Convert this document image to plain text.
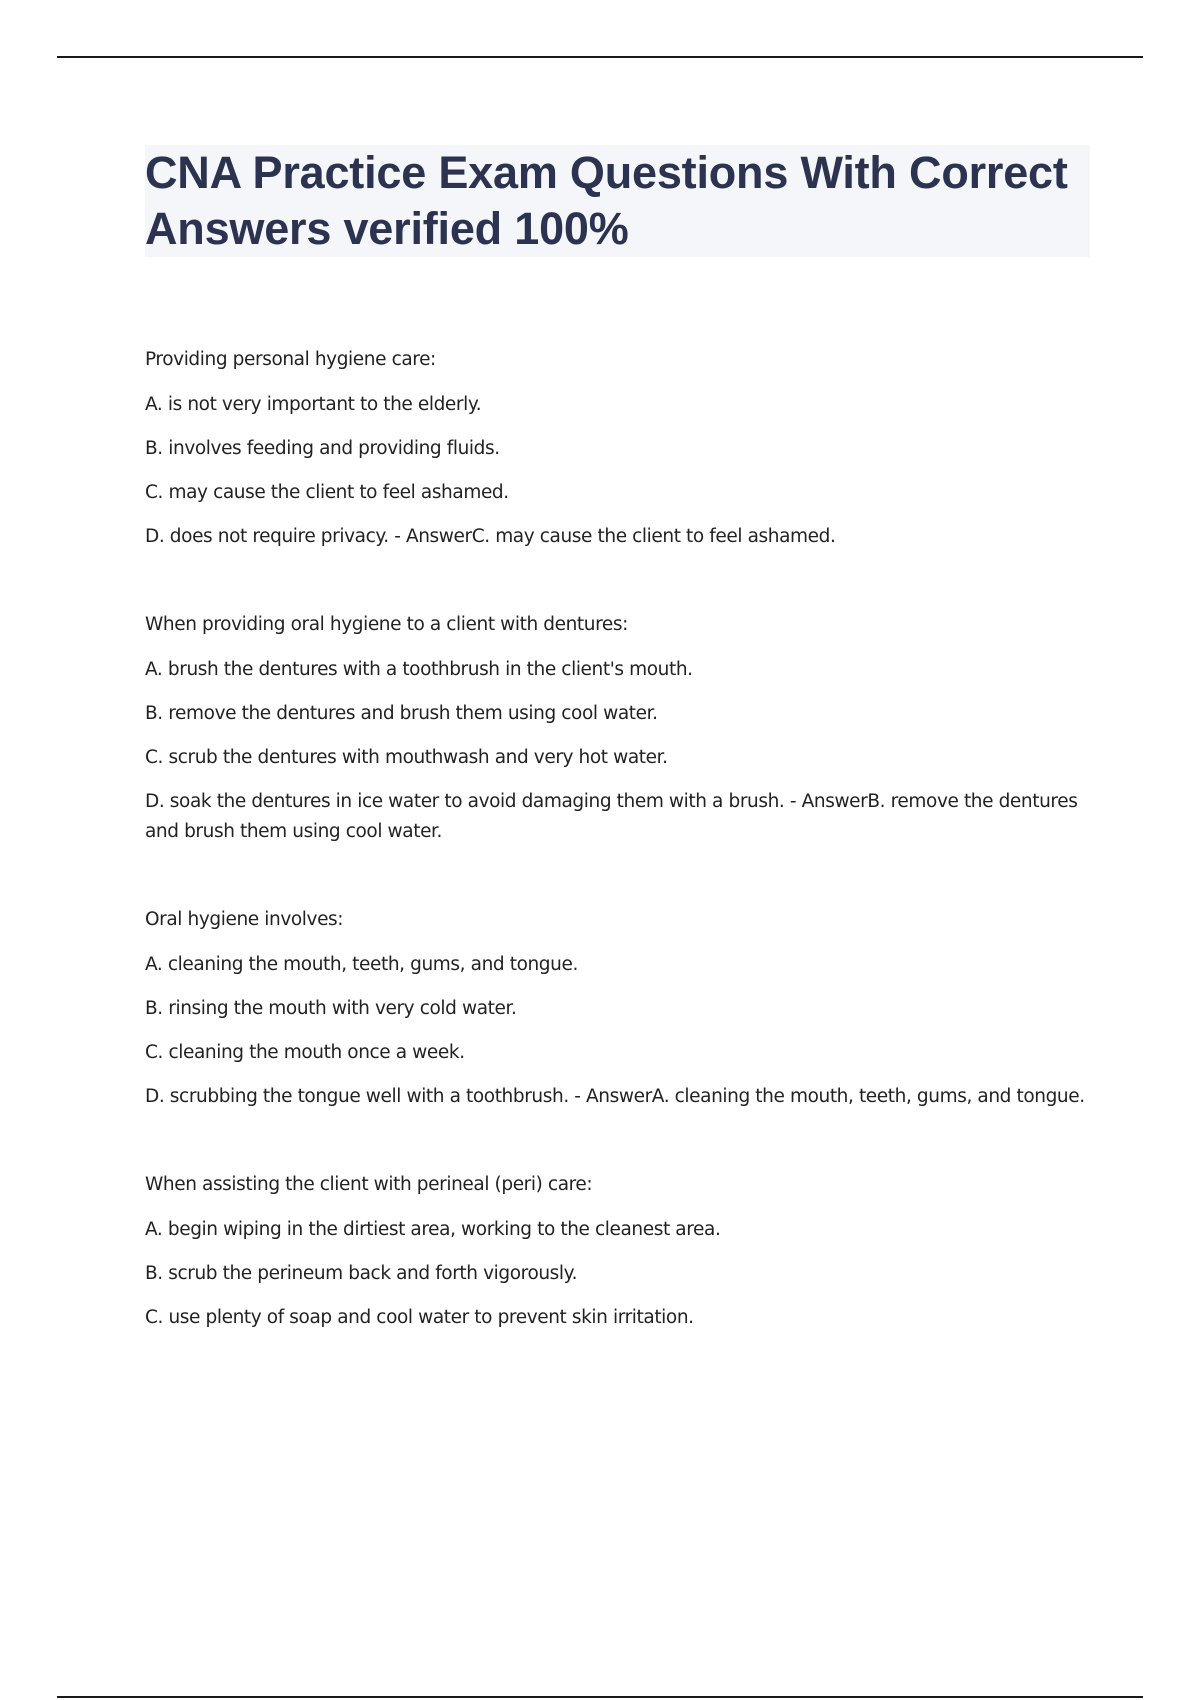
CNA Practice Exam Questions With Correct Answers verified 100%

Providing personal hygiene care:

A. is not very important to the elderly.

B. involves feeding and providing fluids.

C. may cause the client to feel ashamed.

D. does not require privacy. - AnswerC. may cause the client to feel ashamed.

When providing oral hygiene to a client with dentures:

A. brush the dentures with a toothbrush in the client's mouth.

B. remove the dentures and brush them using cool water.

C. scrub the dentures with mouthwash and very hot water.

D. soak the dentures in ice water to avoid damaging them with a brush. - AnswerB. remove the dentures and brush them using cool water.

Oral hygiene involves:

A. cleaning the mouth, teeth, gums, and tongue.

B. rinsing the mouth with very cold water.

C. cleaning the mouth once a week.

D. scrubbing the tongue well with a toothbrush. - AnswerA. cleaning the mouth, teeth, gums, and tongue.

When assisting the client with perineal (peri) care:

A. begin wiping in the dirtiest area, working to the cleanest area.

B. scrub the perineum back and forth vigorously.

C. use plenty of soap and cool water to prevent skin irritation.
